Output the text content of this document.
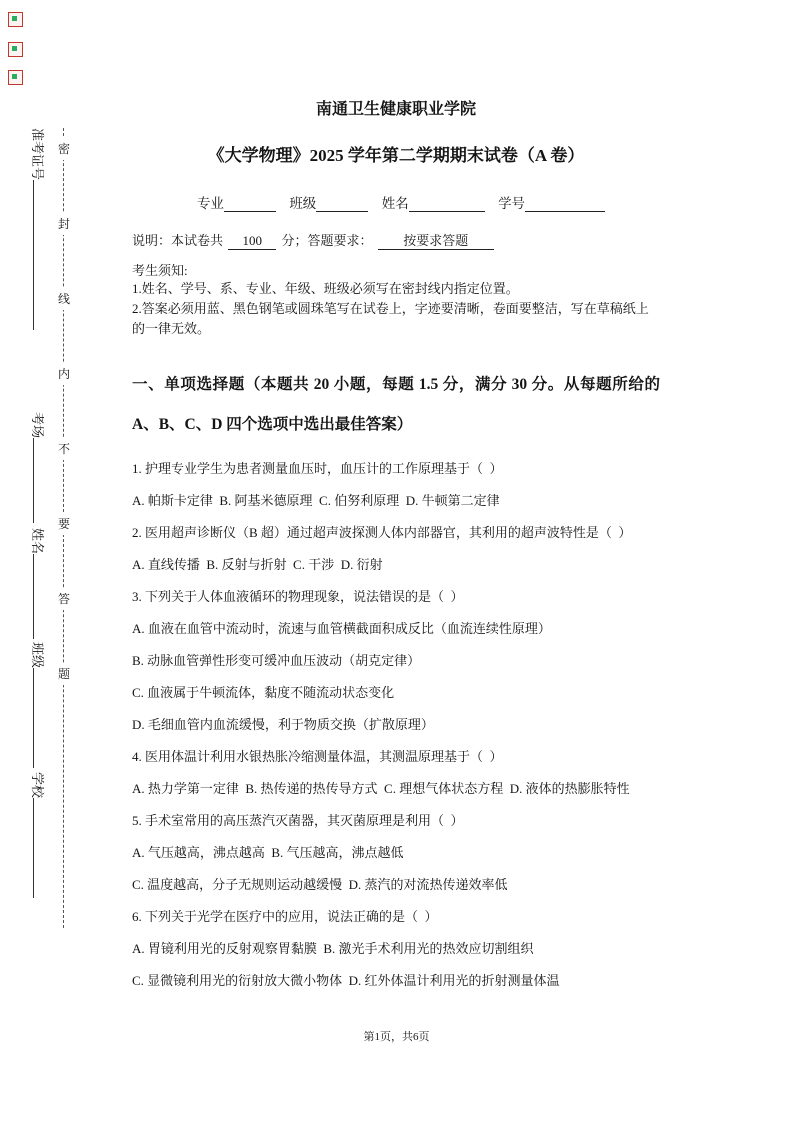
密
封
线
内
不
要
答
题
准考证号
考场
姓名
班级
学校
南通卫生健康职业学院
《大学物理》2025 学年第二学期期末试卷（A 卷）
专业	班级	姓名	学号
说明：本试卷共 100 分；答题要求： 按要求答题
考生须知:
1.姓名、学号、系、专业、年级、班级必须写在密封线内指定位置。
2.答案必须用蓝、黑色钢笔或圆珠笔写在试卷上，字迹要清晰，卷面要整洁，写在草稿纸上的一律无效。
一、单项选择题（本题共 20 小题，每题 1.5 分，满分 30 分。从每题所给的 A、B、C、D 四个选项中选出最佳答案）
1. 护理专业学生为患者测量血压时，血压计的工作原理基于（  ）
A. 帕斯卡定律  B. 阿基米德原理  C. 伯努利原理  D. 牛顿第二定律
2. 医用超声诊断仪（B 超）通过超声波探测人体内部器官，其利用的超声波特性是（  ）
A. 直线传播  B. 反射与折射  C. 干涉  D. 衍射
3. 下列关于人体血液循环的物理现象，说法错误的是（  ）
A. 血液在血管中流动时，流速与血管横截面积成反比（血流连续性原理）
B. 动脉血管弹性形变可缓冲血压波动（胡克定律）
C. 血液属于牛顿流体，黏度不随流动状态变化
D. 毛细血管内血流缓慢，利于物质交换（扩散原理）
4. 医用体温计利用水银热胀冷缩测量体温，其测温原理基于（  ）
A. 热力学第一定律  B. 热传递的热传导方式  C. 理想气体状态方程  D. 液体的热膨胀特性
5. 手术室常用的高压蒸汽灭菌器，其灭菌原理是利用（  ）
A. 气压越高，沸点越高  B. 气压越高，沸点越低
C. 温度越高，分子无规则运动越缓慢  D. 蒸汽的对流热传递效率低
6. 下列关于光学在医疗中的应用，说法正确的是（  ）
A. 胃镜利用光的反射观察胃黏膜  B. 激光手术利用光的热效应切割组织
C. 显微镜利用光的衍射放大微小物体  D. 红外体温计利用光的折射测量体温
第1页，共6页
